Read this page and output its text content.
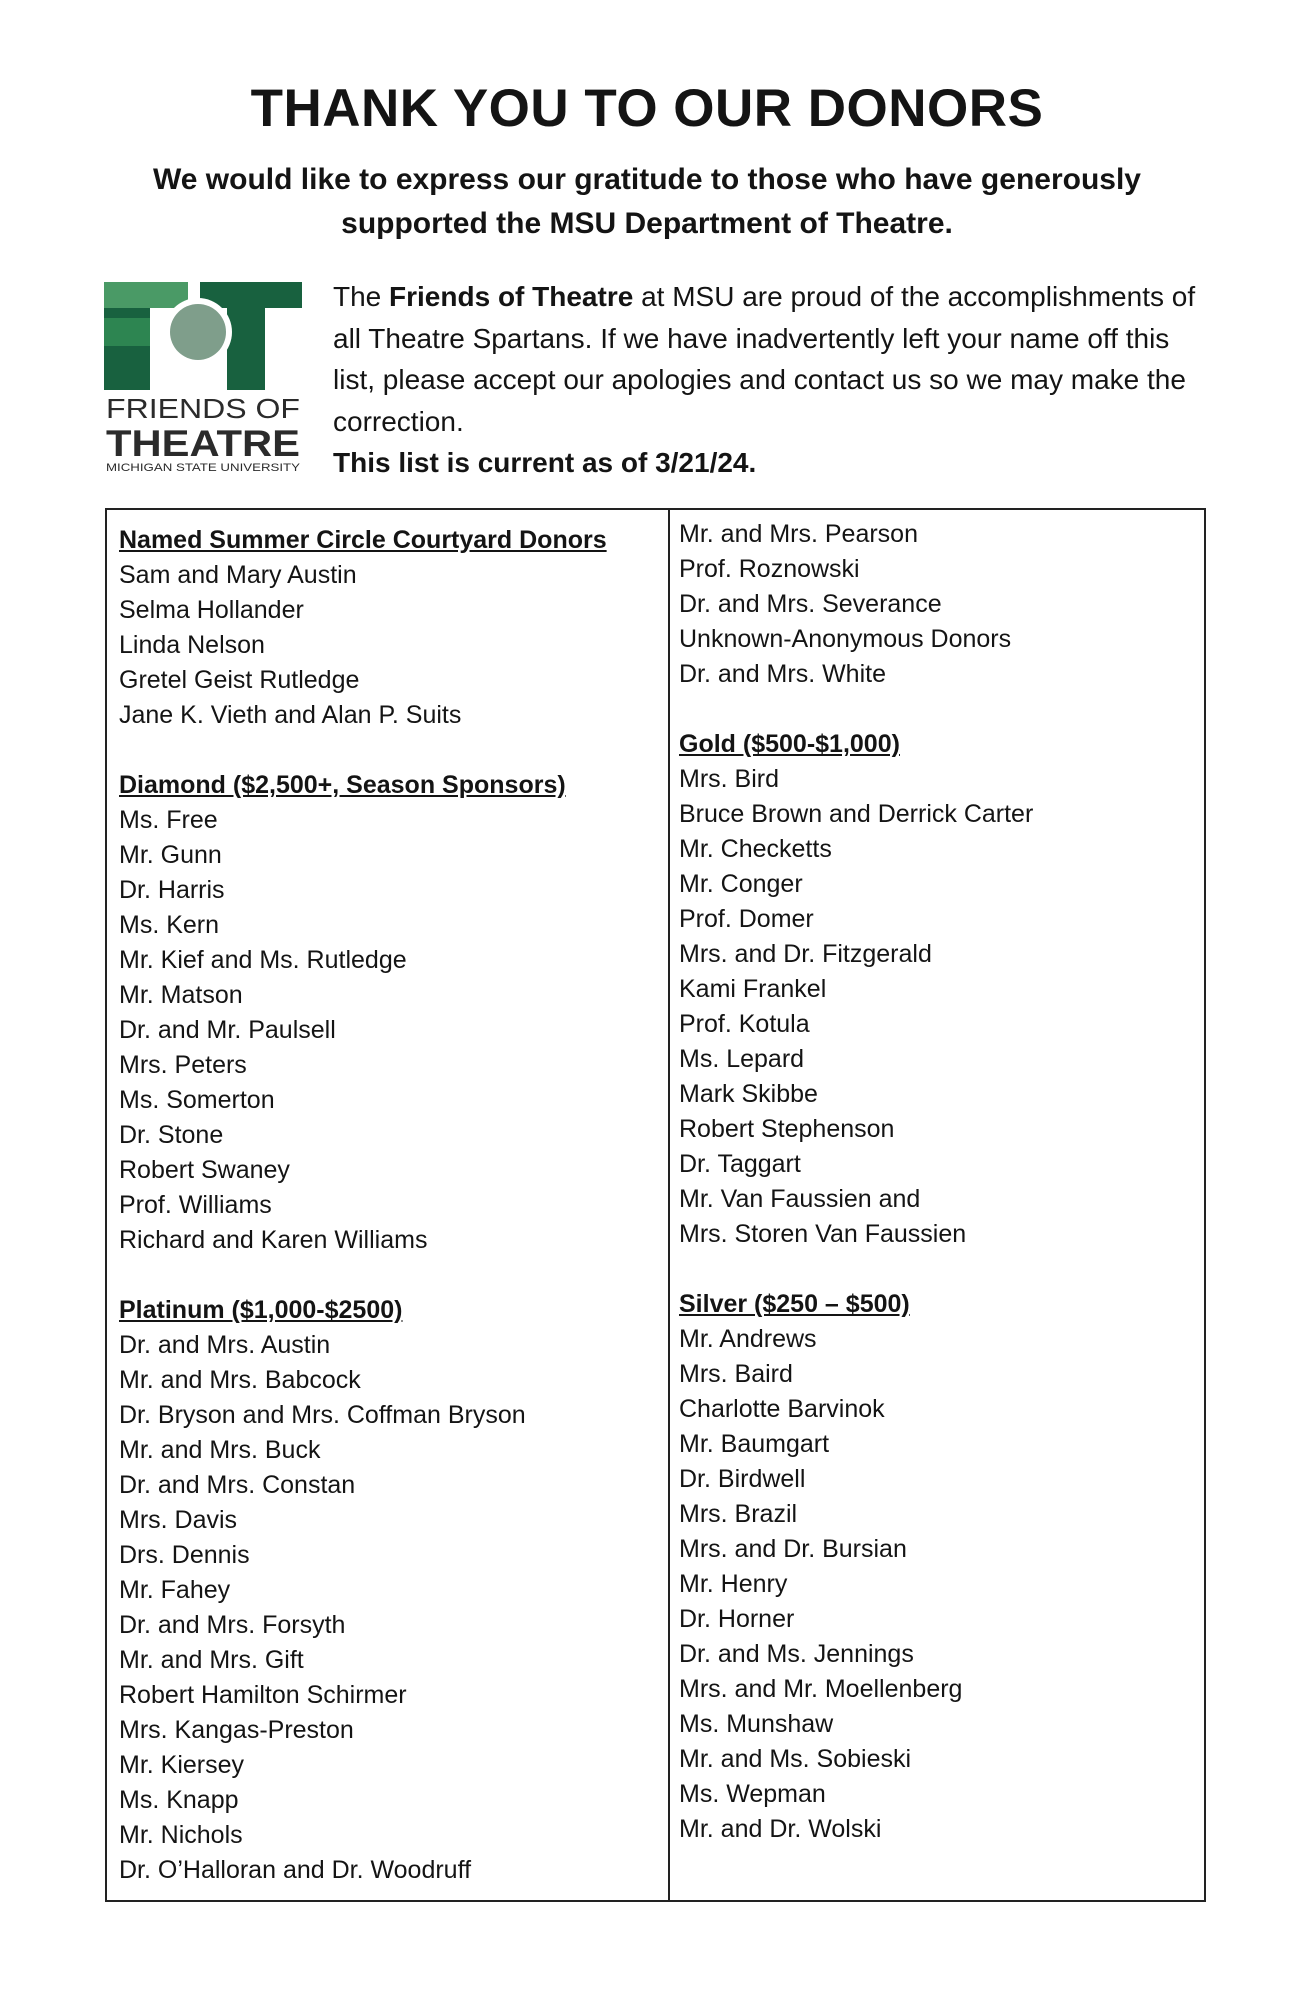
THANK YOU TO OUR DONORS

We would like to express our gratitude to those who have generously supported the MSU Department of Theatre.

FRIENDS OF
THEATRE
MICHIGAN STATE UNIVERSITY

The Friends of Theatre at MSU are proud of the accomplishments of all Theatre Spartans. If we have inadvertently left your name off this list, please accept our apologies and contact us so we may make the correction.
This list is current as of 3/21/24.

Named Summer Circle Courtyard Donors
Sam and Mary Austin
Selma Hollander
Linda Nelson
Gretel Geist Rutledge
Jane K. Vieth and Alan P. Suits
Diamond ($2,500+, Season Sponsors)
Ms. Free
Mr. Gunn
Dr. Harris
Ms. Kern
Mr. Kief and Ms. Rutledge
Mr. Matson
Dr. and Mr. Paulsell
Mrs. Peters
Ms. Somerton
Dr. Stone
Robert Swaney
Prof. Williams
Richard and Karen Williams
Platinum ($1,000-$2500)
Dr. and Mrs. Austin
Mr. and Mrs. Babcock
Dr. Bryson and Mrs. Coffman Bryson
Mr. and Mrs. Buck
Dr. and Mrs. Constan
Mrs. Davis
Drs. Dennis
Mr. Fahey
Dr. and Mrs. Forsyth
Mr. and Mrs. Gift
Robert Hamilton Schirmer
Mrs. Kangas-Preston
Mr. Kiersey
Ms. Knapp
Mr. Nichols
Dr. O’Halloran and Dr. Woodruff
Mr. and Mrs. Pearson
Prof. Roznowski
Dr. and Mrs. Severance
Unknown-Anonymous Donors
Dr. and Mrs. White
Gold ($500-$1,000)
Mrs. Bird
Bruce Brown and Derrick Carter
Mr. Checketts
Mr. Conger
Prof. Domer
Mrs. and Dr. Fitzgerald
Kami Frankel
Prof. Kotula
Ms. Lepard
Mark Skibbe
Robert Stephenson
Dr. Taggart
Mr. Van Faussien and
Mrs. Storen Van Faussien
Silver ($250 – $500)
Mr. Andrews
Mrs. Baird
Charlotte Barvinok
Mr. Baumgart
Dr. Birdwell
Mrs. Brazil
Mrs. and Dr. Bursian
Mr. Henry
Dr. Horner
Dr. and Ms. Jennings
Mrs. and Mr. Moellenberg
Ms. Munshaw
Mr. and Ms. Sobieski
Ms. Wepman
Mr. and Dr. Wolski
